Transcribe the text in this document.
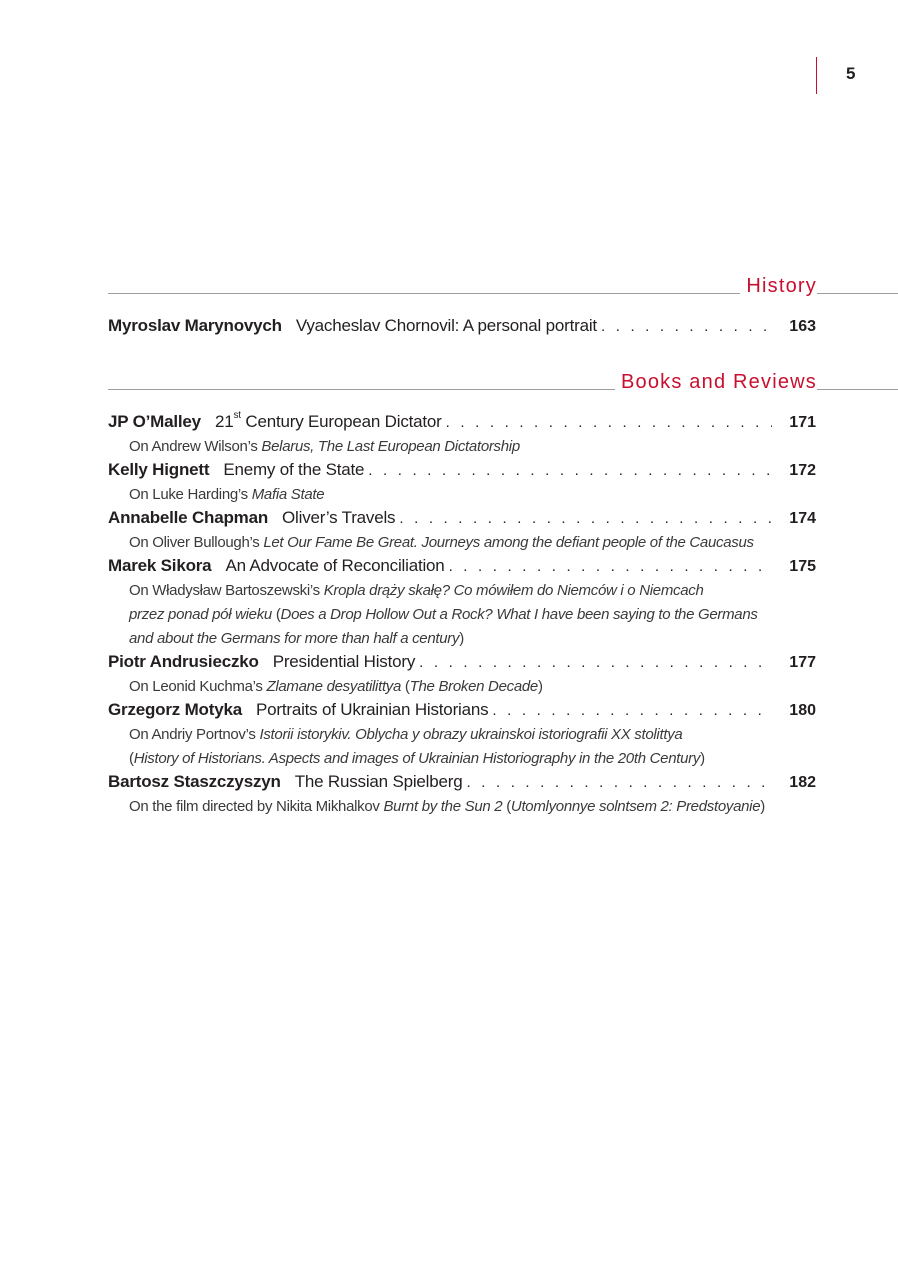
5
History
Myroslav Marynovych Vyacheslav Chornovil: A personal portrait . . .	163
Books and Reviews
JP O’Malley 21st Century European Dictator . . .	171
On Andrew Wilson’s Belarus, The Last European Dictatorship
Kelly Hignett Enemy of the State . . .	172
On Luke Harding’s Mafia State
Annabelle Chapman Oliver’s Travels . . .	174
On Oliver Bullough’s Let Our Fame Be Great. Journeys among the defiant people of the Caucasus
Marek Sikora An Advocate of Reconciliation . . .	175
On Władysław Bartoszewski’s Kropla drąży skałę? Co mówiłem do Niemców i o Niemcach
przez ponad pół wieku (Does a Drop Hollow Out a Rock? What I have been saying to the Germans
and about the Germans for more than half a century)
Piotr Andrusieczko Presidential History . . .	177
On Leonid Kuchma’s Zlamane desyatilittya (The Broken Decade)
Grzegorz Motyka Portraits of Ukrainian Historians . . .	180
On Andriy Portnov’s Istorii istorykiv. Oblycha y obrazy ukrainskoi istoriografii XX stolittya
(History of Historians. Aspects and images of Ukrainian Historiography in the 20th Century)
Bartosz Staszczyszyn The Russian Spielberg . . .	182
On the film directed by Nikita Mikhalkov Burnt by the Sun 2 (Utomlyonnye solntsem 2: Predstoyanie)
